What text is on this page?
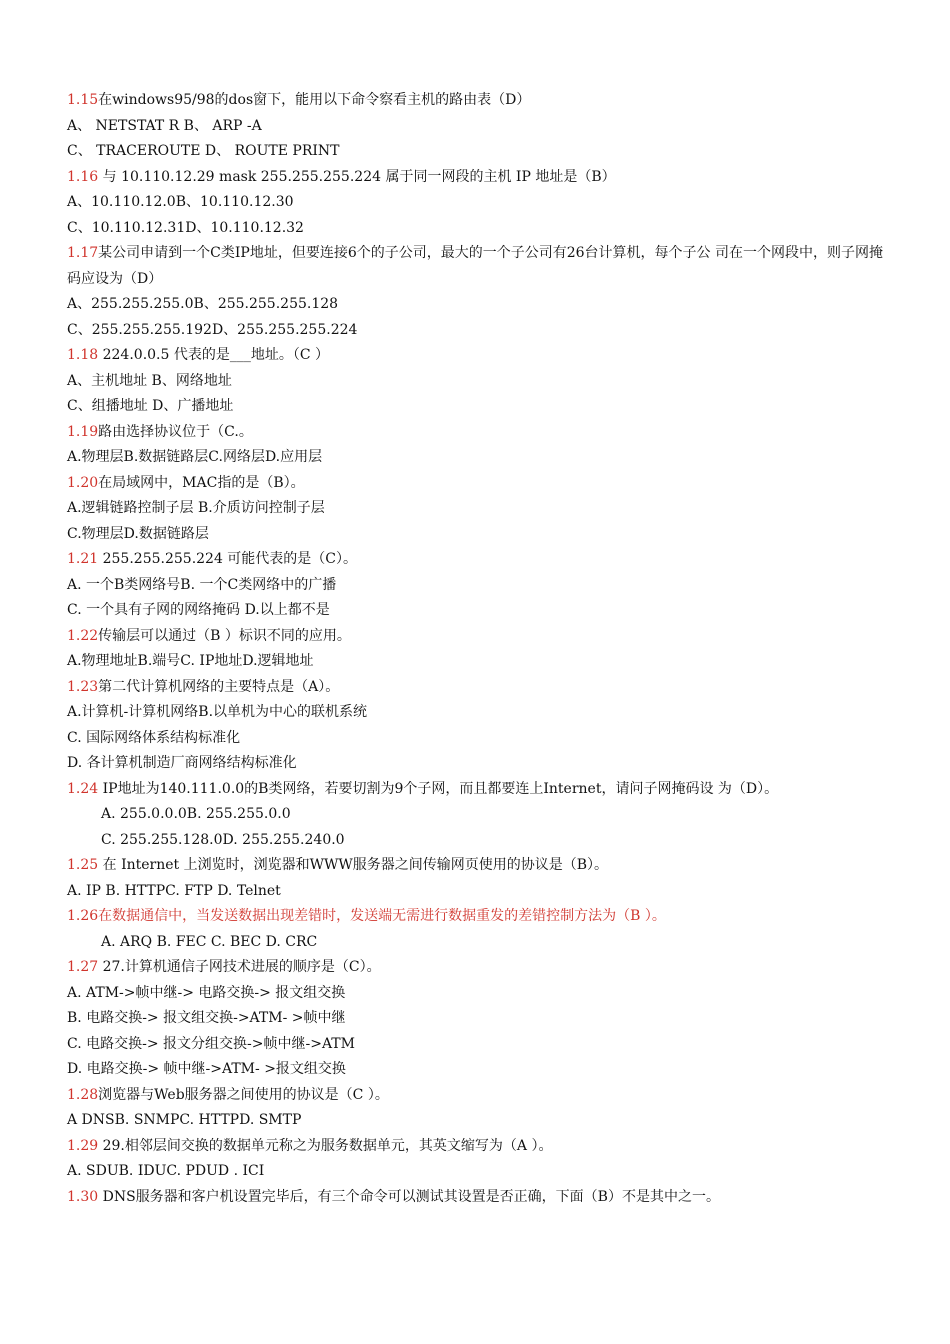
1.15在windows95/98的dos窗下，能用以下命令察看主机的路由表（D）
A、 NETSTAT R B、 ARP -A
C、 TRACEROUTE D、 ROUTE PRINT
1.16 与 10.110.12.29 mask 255.255.255.224 属于同一网段的主机 IP 地址是（B）
A、10.110.12.0B、10.110.12.30
C、10.110.12.31D、10.110.12.32
1.17某公司申请到一个C类IP地址，但要连接6个的子公司，最大的一个子公司有26台计算机，每个子公 司在一个网段中，则子网掩码应设为（D）
A、255.255.255.0B、255.255.255.128
C、255.255.255.192D、255.255.255.224
1.18 224.0.0.5 代表的是___地址。（C ）
A、主机地址 B、网络地址
C、组播地址 D、广播地址
1.19路由选择协议位于（C.。
A.物理层B.数据链路层C.网络层D.应用层
1.20在局域网中，MAC指的是（B）。
A.逻辑链路控制子层 B.介质访问控制子层
C.物理层D.数据链路层
1.21 255.255.255.224 可能代表的是（C）。
A. 一个B类网络号B. 一个C类网络中的广播
C. 一个具有子网的网络掩码 D.以上都不是
1.22传输层可以通过（B ）标识不同的应用。
A.物理地址B.端号C. IP地址D.逻辑地址
1.23第二代计算机网络的主要特点是（A）。
A.计算机-计算机网络B.以单机为中心的联机系统
C. 国际网络体系结构标准化
D. 各计算机制造厂商网络结构标准化
1.24 IP地址为140.111.0.0的B类网络，若要切割为9个子网，而且都要连上Internet，请问子网掩码设 为（D）。
A. 255.0.0.0B. 255.255.0.0
C. 255.255.128.0D. 255.255.240.0
1.25 在 Internet 上浏览时，浏览器和WWW服务器之间传输网页使用的协议是（B）。
A. IP B. HTTPC. FTP D. Telnet
1.26在数据通信中，当发送数据出现差错时，发送端无需进行数据重发的差错控制方法为（B ）。
A. ARQ B. FEC C. BEC D. CRC
1.27 27.计算机通信子网技术进展的顺序是（C）。
A. ATM->帧中继-> 电路交换-> 报文组交换
B. 电路交换-> 报文组交换->ATM- >帧中继
C. 电路交换-> 报文分组交换->帧中继->ATM
D. 电路交换-> 帧中继->ATM- >报文组交换
1.28浏览器与Web服务器之间使用的协议是（C ）。
A DNSB. SNMPC. HTTPD. SMTP
1.29 29.相邻层间交换的数据单元称之为服务数据单元，其英文缩写为（A ）。
A. SDUB. IDUC. PDUD . ICI
1.30 DNS服务器和客户机设置完毕后，有三个命令可以测试其设置是否正确，下面（B）不是其中之一。
